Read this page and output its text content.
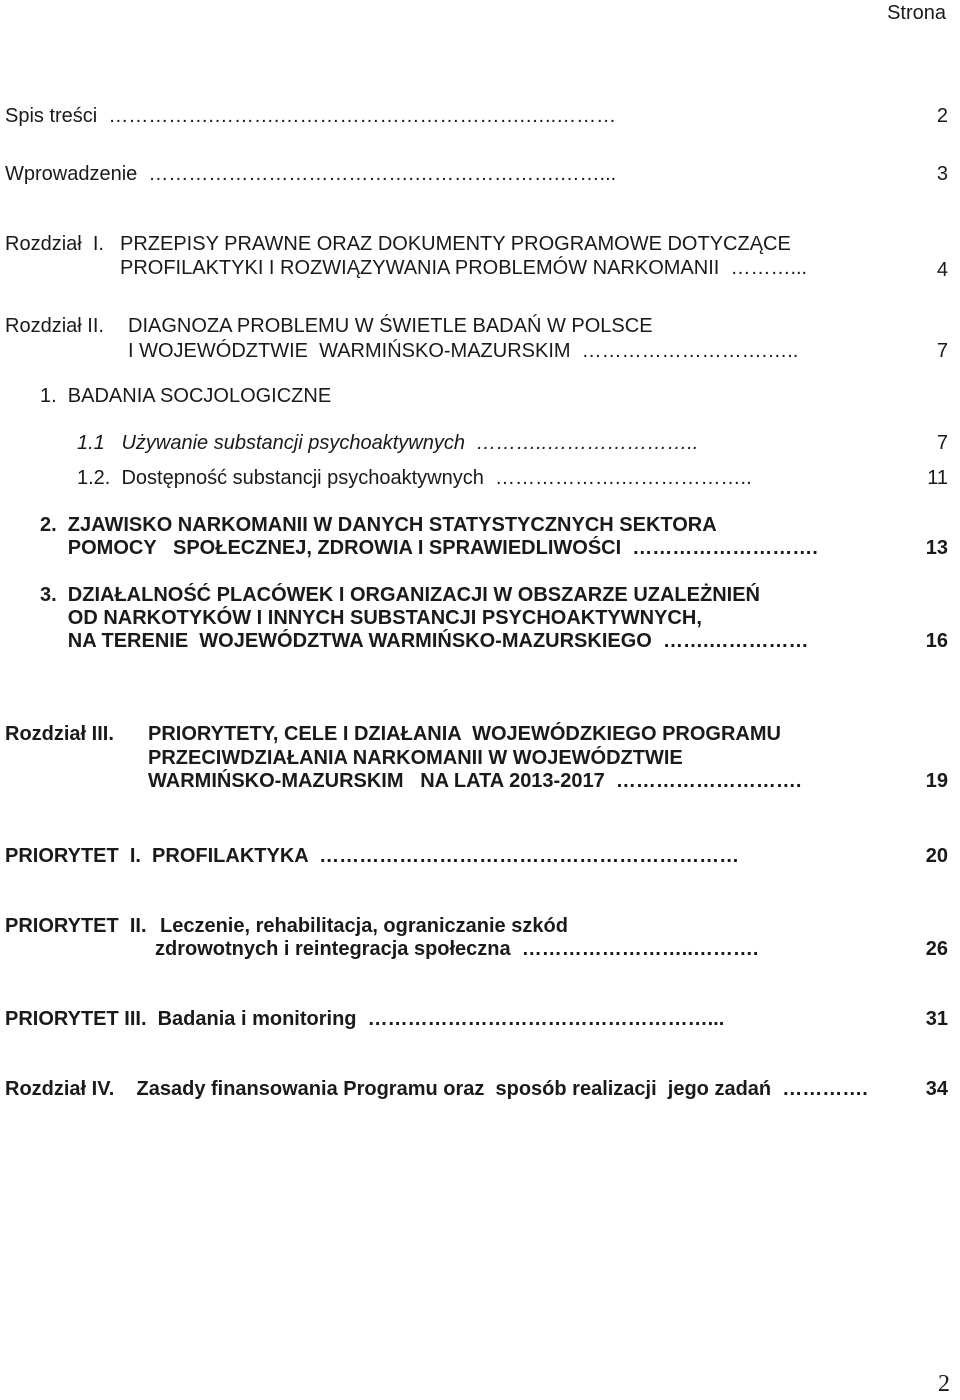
Strona
Spis treści  …………….……….……………………………….…..………	2
Wprowadzenie  ………………………………….………………….……...	3
Rozdział  I. PRZEPISY PRAWNE ORAZ DOKUMENTY PROGRAMOWE DOTYCZĄCE
PROFILAKTYKI I ROZWIĄZYWANIA PROBLEMÓW NARKOMANII  ………...	4
Rozdział II. DIAGNOZA PROBLEMU W ŚWIETLE BADAŃ W POLSCE
I WOJEWÓDZTWIE  WARMIŃSKO-MAZURSKIM  ……………………….…..	7
1.  BADANIA SOCJOLOGICZNE
1.1   Używanie substancji psychoaktywnych  ………..…………………..	7
1.2.  Dostępność substancji psychoaktywnych  ……………….………………..	11
2.  ZJAWISKO NARKOMANII W DANYCH STATYSTYCZNYCH SEKTORA
POMOCY   SPOŁECZNEJ, ZDROWIA I SPRAWIEDLIWOŚCI  ……………………….	13
3.  DZIAŁALNOŚĆ PLACÓWEK I ORGANIZACJI W OBSZARZE UZALEŻNIEŃ
OD NARKOTYKÓW I INNYCH SUBSTANCJI PSYCHOAKTYWNYCH,
NA TERENIE  WOJEWÓDZTWA WARMIŃSKO-MAZURSKIEGO  …….……………	16
Rozdział III. PRIORYTETY, CELE I DZIAŁANIA  WOJEWÓDZKIEGO PROGRAMU
PRZECIWDZIAŁANIA NARKOMANII W WOJEWÓDZTWIE
WARMIŃSKO-MAZURSKIM   NA LATA 2013-2017  ……………………….	19
PRIORYTET  I.  PROFILAKTYKA  ………………………………………………………	20
PRIORYTET  II. Leczenie, rehabilitacja, ograniczanie szkód
zdrowotnych i reintegracja społeczna  ……………………..……….	26
PRIORYTET III.  Badania i monitoring  ……………………………………………...	31
Rozdział IV.    Zasady finansowania Programu oraz  sposób realizacji  jego zadań  ………….	34
2
